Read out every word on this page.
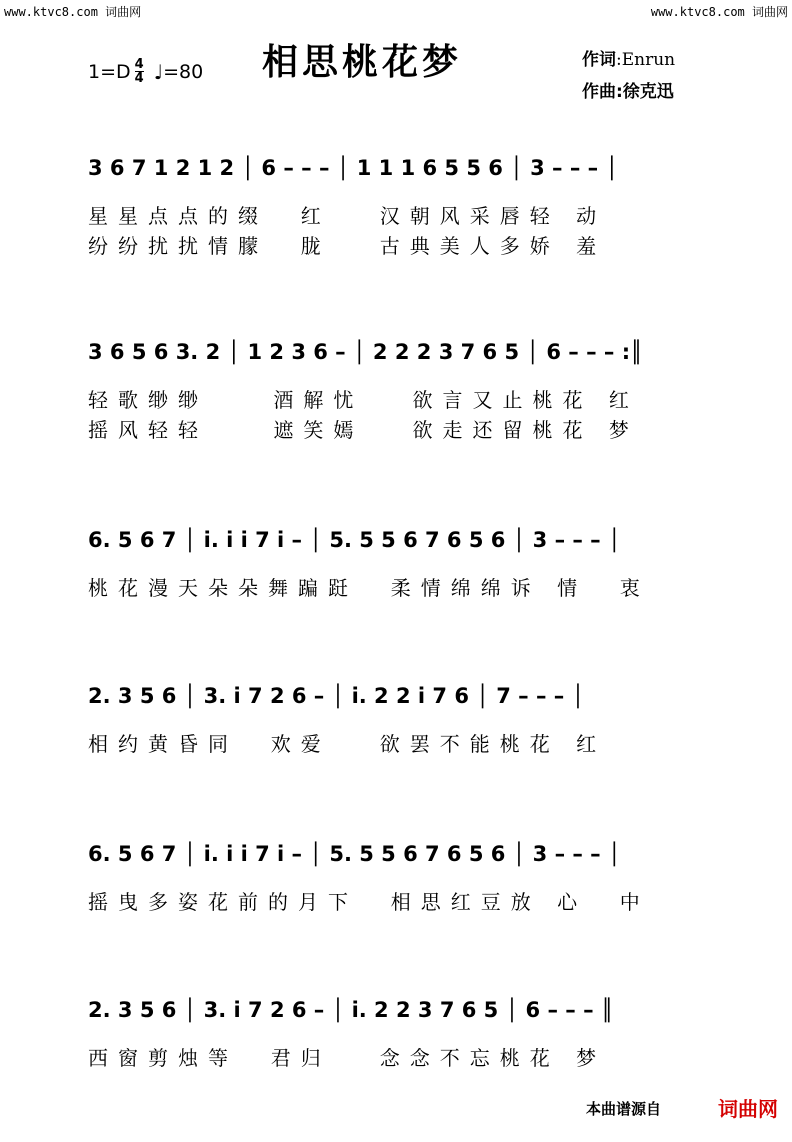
www.ktvc8.com 词曲网	www.ktvc8.com 词曲网
相思桃花梦
$1=D \frac{4}{4}$ ♩ =80
作词:Enrun
作曲:徐克迅
3 6 7 1 2 1 2 │ 6 – – – │ 1 1 1 6 5 5 6 │ 3 – – – │
星星点点的缀  红   汉朝风采唇轻 动
纷纷扰扰情朦  胧   古典美人多娇 羞
3 6 5 6 3. 2 │ 1 2 3 6 – │ 2 2 2 3 7 6 5 │ 6 – – – :║
轻歌缈缈    酒解忧   欲言又止桃花 红
摇风轻轻    遮笑嫣   欲走还留桃花 梦
6. 5 6 7 │ i. i i 7 i – │ 5. 5 5 6 7 6 5 6 │ 3 – – – │
桃花漫天朵朵舞蹁跹  柔情绵绵诉 情  衷
2. 3 5 6 │ 3. i 7 2 6 – │ i. 2 2 i 7 6 │ 7 – – – │
相约黄昏同  欢爱   欲罢不能桃花 红
6. 5 6 7 │ i. i i 7 i – │ 5. 5 5 6 7 6 5 6 │ 3 – – – │
摇曳多姿花前的月下  相思红豆放 心  中
2. 3 5 6 │ 3. i 7 2 6 – │ i. 2 2 3 7 6 5 │ 6 – – – ║
西窗剪烛等  君归   念念不忘桃花 梦
本曲谱源自	词曲网
